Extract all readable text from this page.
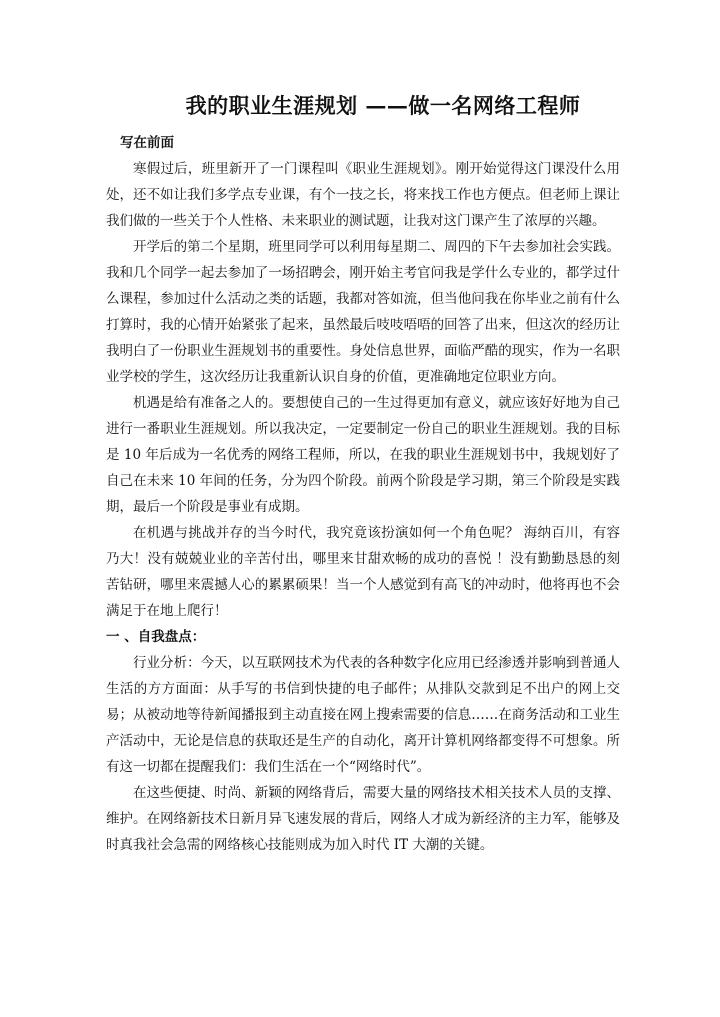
我的职业生涯规划 ——做一名网络工程师
写在前面

寒假过后，班里新开了一门课程叫《职业生涯规划》。刚开始觉得这门课没什么用处，还不如让我们多学点专业课，有个一技之长，将来找工作也方便点。但老师上课让我们做的一些关于个人性格、未来职业的测试题，让我对这门课产生了浓厚的兴趣。

开学后的第二个星期，班里同学可以利用每星期二、周四的下午去参加社会实践。我和几个同学一起去参加了一场招聘会，刚开始主考官问我是学什么专业的，都学过什么课程，参加过什么活动之类的话题，我都对答如流，但当他问我在你毕业之前有什么打算时，我的心情开始紧张了起来，虽然最后吱吱唔唔的回答了出来，但这次的经历让我明白了一份职业生涯规划书的重要性。身处信息世界，面临严酷的现实，作为一名职业学校的学生，这次经历让我重新认识自身的价值，更准确地定位职业方向。

机遇是给有准备之人的。要想使自己的一生过得更加有意义，就应该好好地为自己进行一番职业生涯规划。所以我决定，一定要制定一份自己的职业生涯规划。我的目标是 10 年后成为一名优秀的网络工程师，所以，在我的职业生涯规划书中，我规划好了自己在未来 10 年间的任务，分为四个阶段。前两个阶段是学习期，第三个阶段是实践期，最后一个阶段是事业有成期。

在机遇与挑战并存的当今时代，我究竟该扮演如何一个角色呢？ 海纳百川，有容乃大！没有兢兢业业的辛苦付出，哪里来甘甜欢畅的成功的喜悦 ！没有勤勤恳恳的刻苦钻研，哪里来震撼人心的累累硕果！当一个人感觉到有高飞的冲动时，他将再也不会满足于在地上爬行！

一 、自我盘点：

行业分析：今天，以互联网技术为代表的各种数字化应用已经渗透并影响到普通人生活的方方面面：从手写的书信到快捷的电子邮件；从排队交款到足不出户的网上交易；从被动地等待新闻播报到主动直接在网上搜索需要的信息……在商务活动和工业生产活动中，无论是信息的获取还是生产的自动化，离开计算机网络都变得不可想象。所有这一切都在提醒我们：我们生活在一个“网络时代”。

在这些便捷、时尚、新颖的网络背后，需要大量的网络技术相关技术人员的支撑、维护。在网络新技术日新月异飞速发展的背后，网络人才成为新经济的主力军，能够及时真我社会急需的网络核心技能则成为加入时代 IT 大潮的关键。
